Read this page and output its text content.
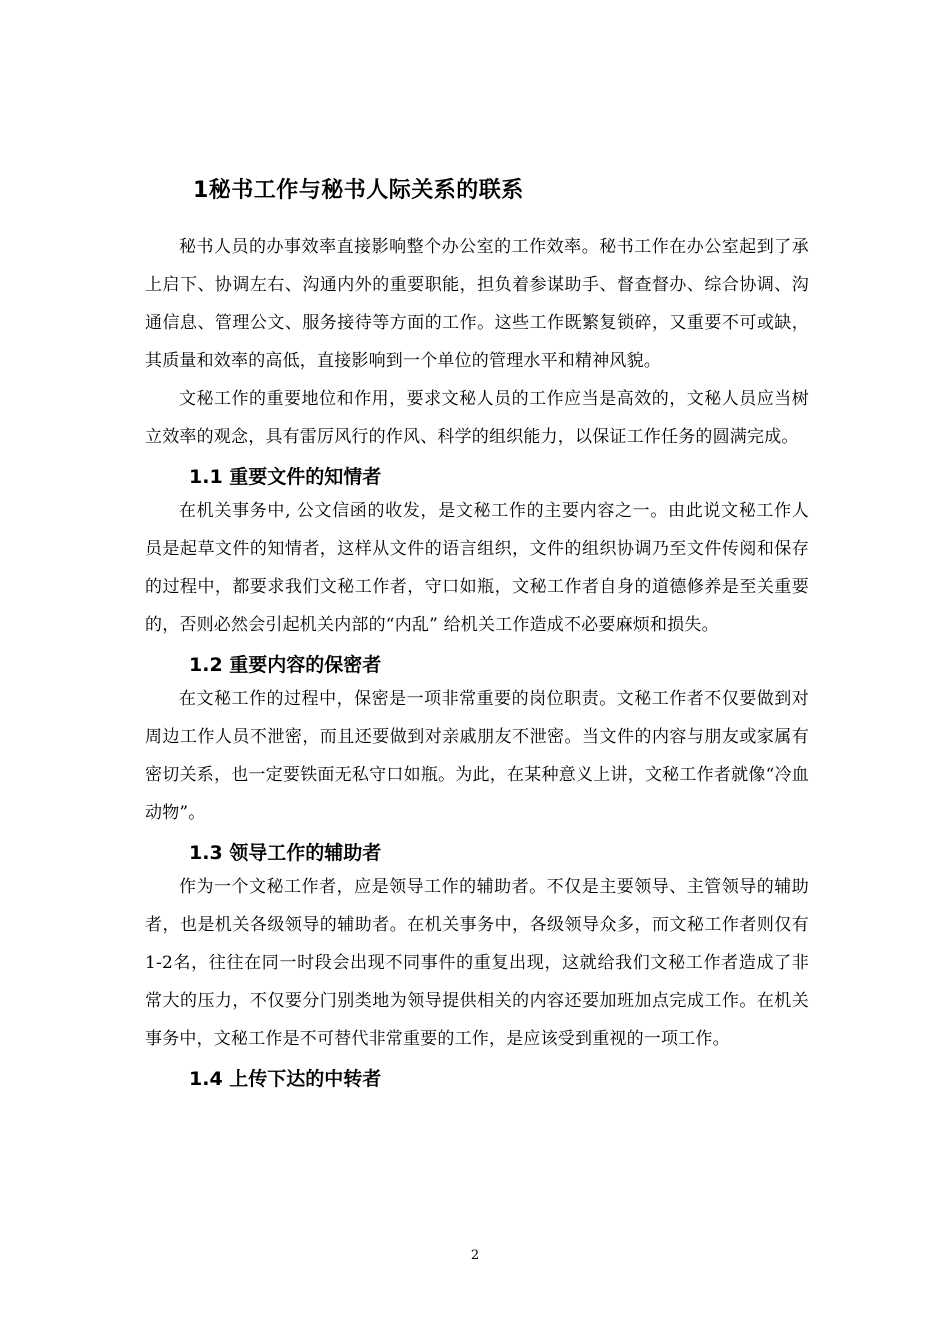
1秘书工作与秘书人际关系的联系

秘书人员的办事效率直接影响整个办公室的工作效率。秘书工作在办公室起到了承上启下、协调左右、沟通内外的重要职能，担负着参谋助手、督查督办、综合协调、沟通信息、管理公文、服务接待等方面的工作。这些工作既繁复锁碎，又重要不可或缺，其质量和效率的高低，直接影响到一个单位的管理水平和精神风貌。

文秘工作的重要地位和作用，要求文秘人员的工作应当是高效的，文秘人员应当树立效率的观念，具有雷厉风行的作风、科学的组织能力，以保证工作任务的圆满完成。

1.1 重要文件的知情者

在机关事务中, 公文信函的收发，是文秘工作的主要内容之一。由此说文秘工作人员是起草文件的知情者，这样从文件的语言组织，文件的组织协调乃至文件传阅和保存的过程中，都要求我们文秘工作者，守口如瓶，文秘工作者自身的道德修养是至关重要的，否则必然会引起机关内部的“内乱” 给机关工作造成不必要麻烦和损失。

1.2 重要内容的保密者

在文秘工作的过程中，保密是一项非常重要的岗位职责。文秘工作者不仅要做到对周边工作人员不泄密，而且还要做到对亲戚朋友不泄密。当文件的内容与朋友或家属有密切关系，也一定要铁面无私守口如瓶。为此，在某种意义上讲，文秘工作者就像“冷血动物”。

1.3 领导工作的辅助者

作为一个文秘工作者，应是领导工作的辅助者。不仅是主要领导、主管领导的辅助者，也是机关各级领导的辅助者。在机关事务中，各级领导众多，而文秘工作者则仅有1-2名，往往在同一时段会出现不同事件的重复出现，这就给我们文秘工作者造成了非常大的压力，不仅要分门别类地为领导提供相关的内容还要加班加点完成工作。在机关事务中，文秘工作是不可替代非常重要的工作，是应该受到重视的一项工作。

1.4 上传下达的中转者
2
